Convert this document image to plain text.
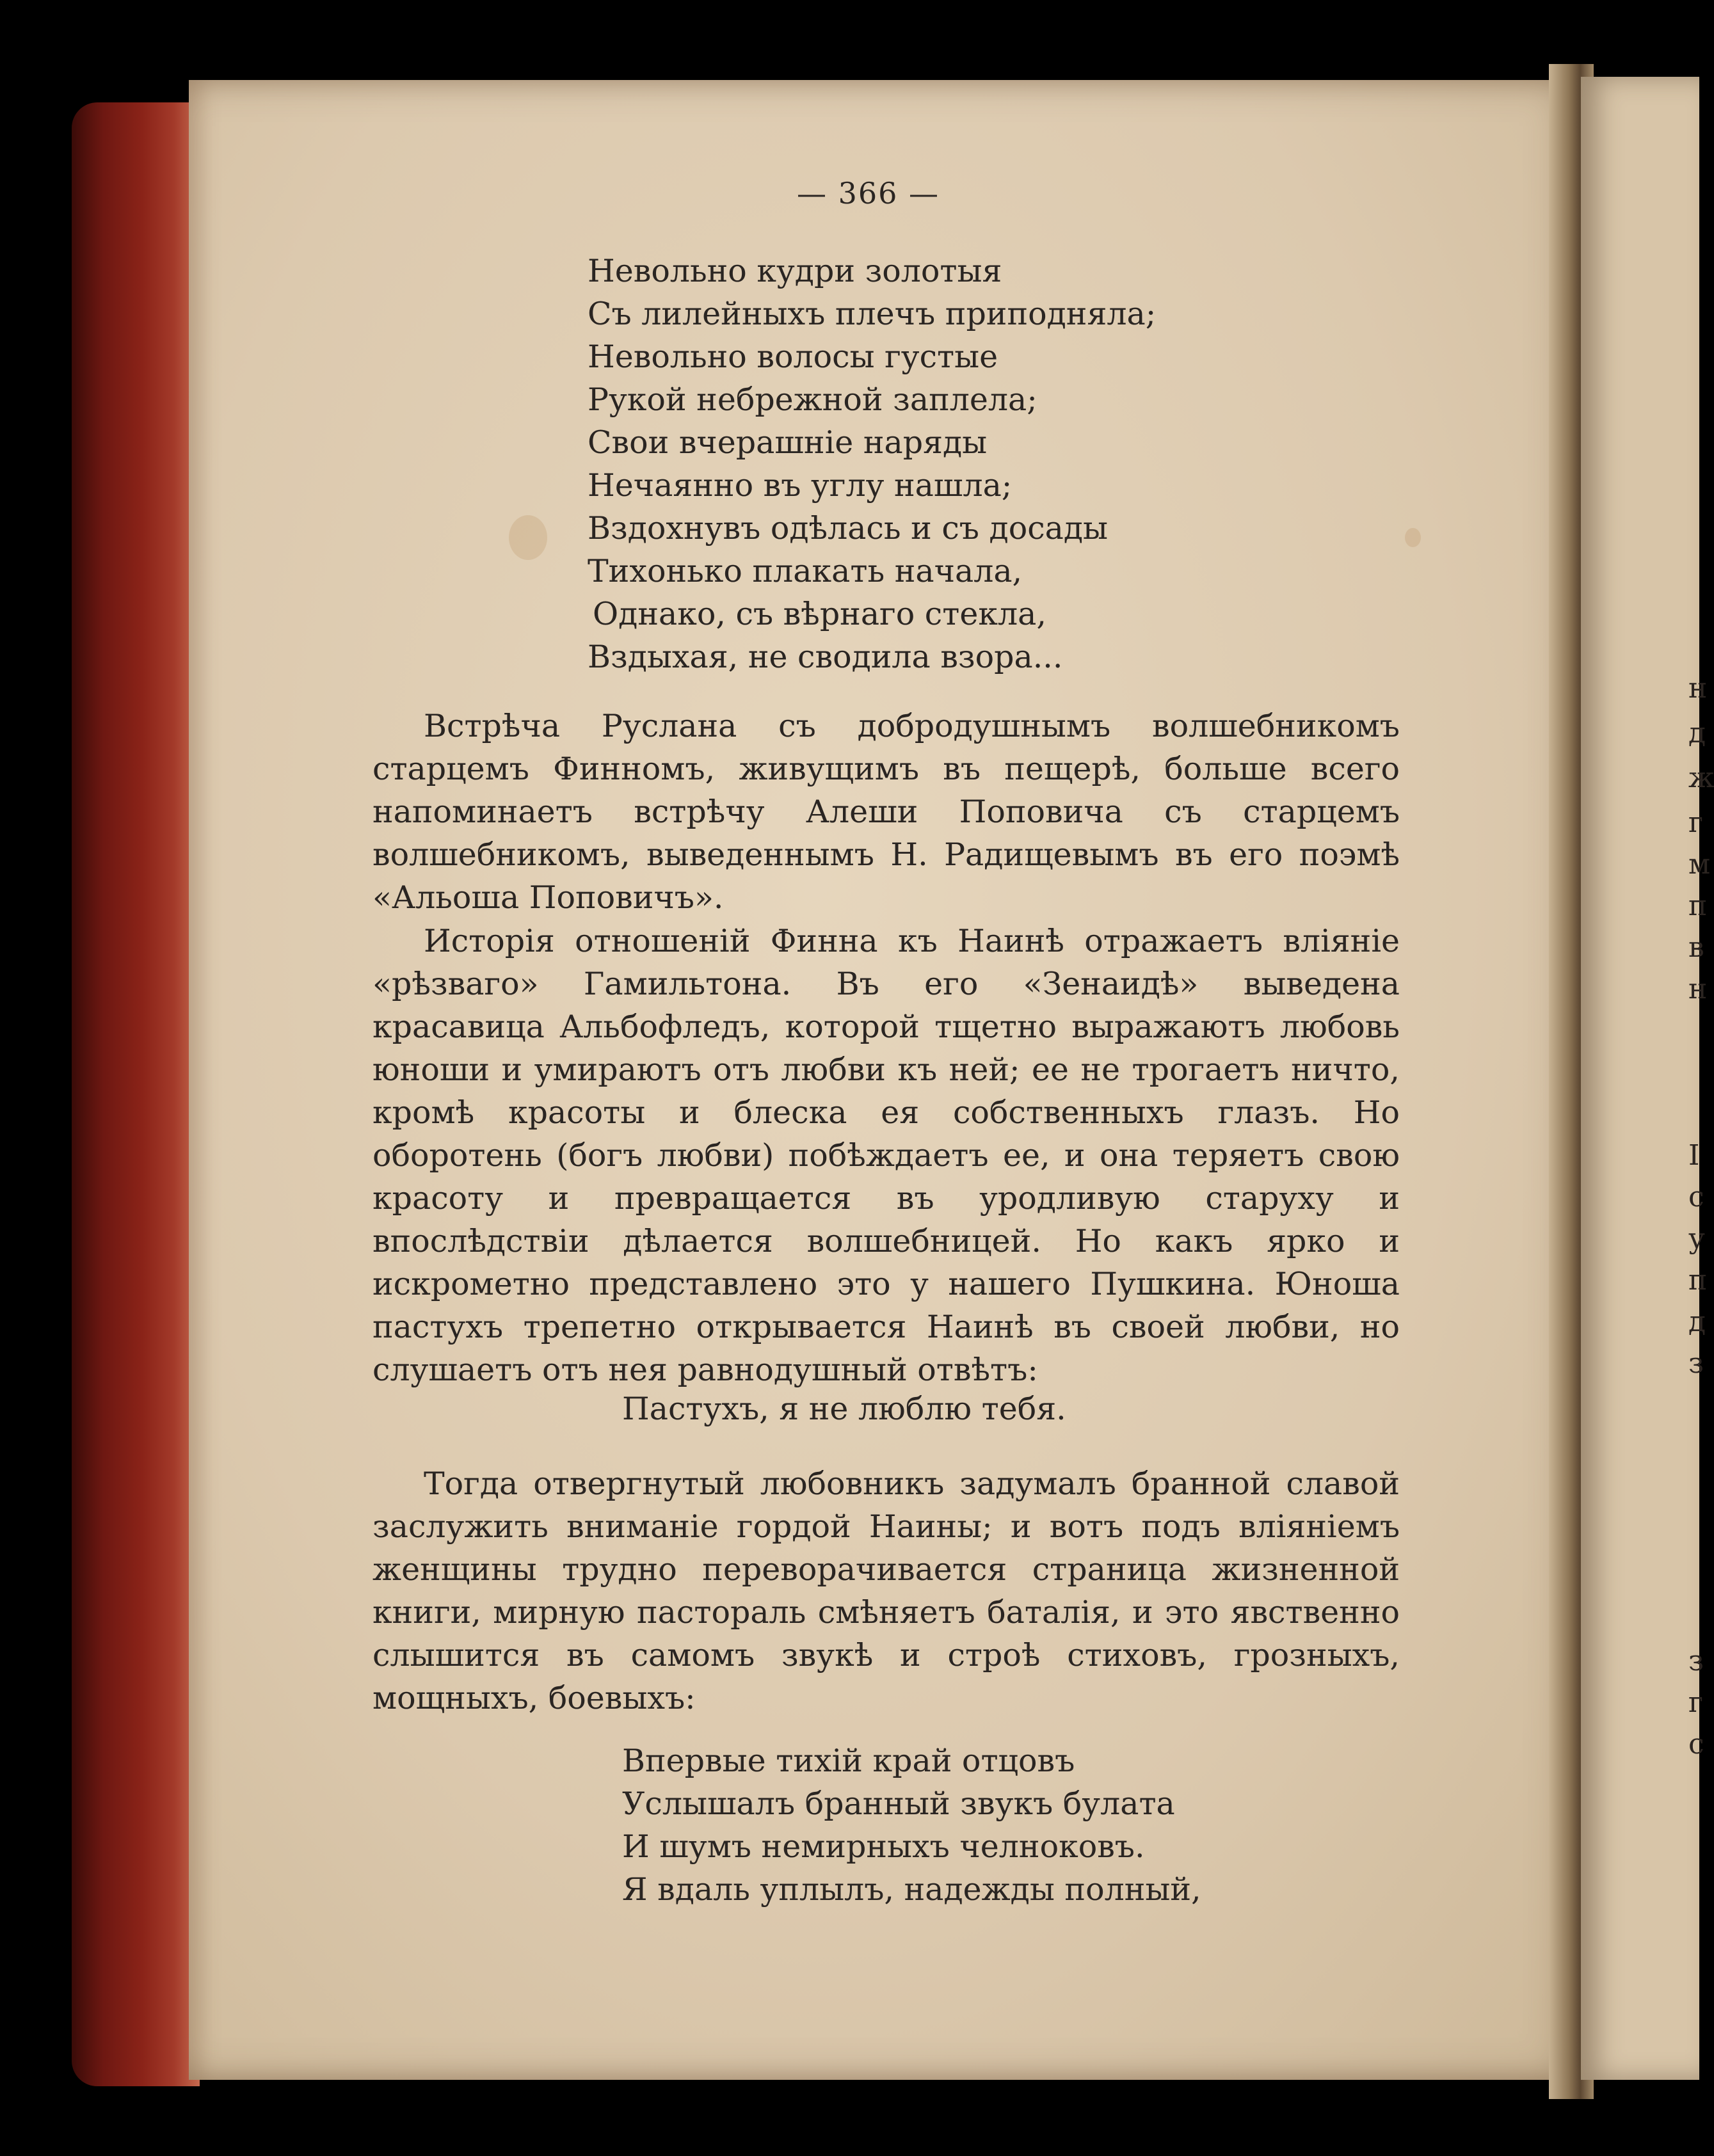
н
д
ж
г
м
п
в
н
I
с
у
п
д
з
з
г
с
— 366 —
Невольно кудри золотыя
Съ лилейныхъ плечъ приподняла;
Невольно волосы густые
Рукой небрежной заплела;
Свои вчерашніе наряды
Нечаянно въ углу нашла;
Вздохнувъ одѣлась и съ досады
Тихонько плакать начала,
Однако, съ вѣрнаго стекла,
Вздыхая, не сводила взора...

Встрѣча Руслана съ добродушнымъ волшебникомъ старцемъ Финномъ, живущимъ въ пещерѣ, больше всего напоминаетъ встрѣчу Алеши Поповича съ старцемъ волшебникомъ, выведеннымъ Н. Радищевымъ въ его поэмѣ «Альоша Поповичъ».

Исторія отношеній Финна къ Наинѣ отражаетъ вліяніе «рѣзваго» Гамильтона. Въ его «Зенаидѣ» выведена красавица Альбофледъ, которой тщетно выражаютъ любовь юноши и умираютъ отъ любви къ ней; ее не трогаетъ ничто, кромѣ красоты и блеска ея собственныхъ глазъ. Но оборотень (богъ любви) побѣждаетъ ее, и она теряетъ свою красоту и превращается въ уродливую старуху и впослѣдствіи дѣлается волшебницей. Но какъ ярко и искрометно представлено это у нашего Пушкина. Юноша пастухъ трепетно открывается Наинѣ въ своей любви, но слушаетъ отъ нея равнодушный отвѣтъ:

Пастухъ, я не люблю тебя.

Тогда отвергнутый любовникъ задумалъ бранной славой заслужить вниманіе гордой Наины; и вотъ подъ вліяніемъ женщины трудно переворачивается страница жизненной книги, мирную пастораль смѣняетъ баталія, и это явственно слышится въ самомъ звукѣ и строѣ стиховъ, грозныхъ, мощныхъ, боевыхъ:

Впервые тихій край отцовъ
Услышалъ бранный звукъ булата
И шумъ немирныхъ челноковъ.
Я вдаль уплылъ, надежды полный,
